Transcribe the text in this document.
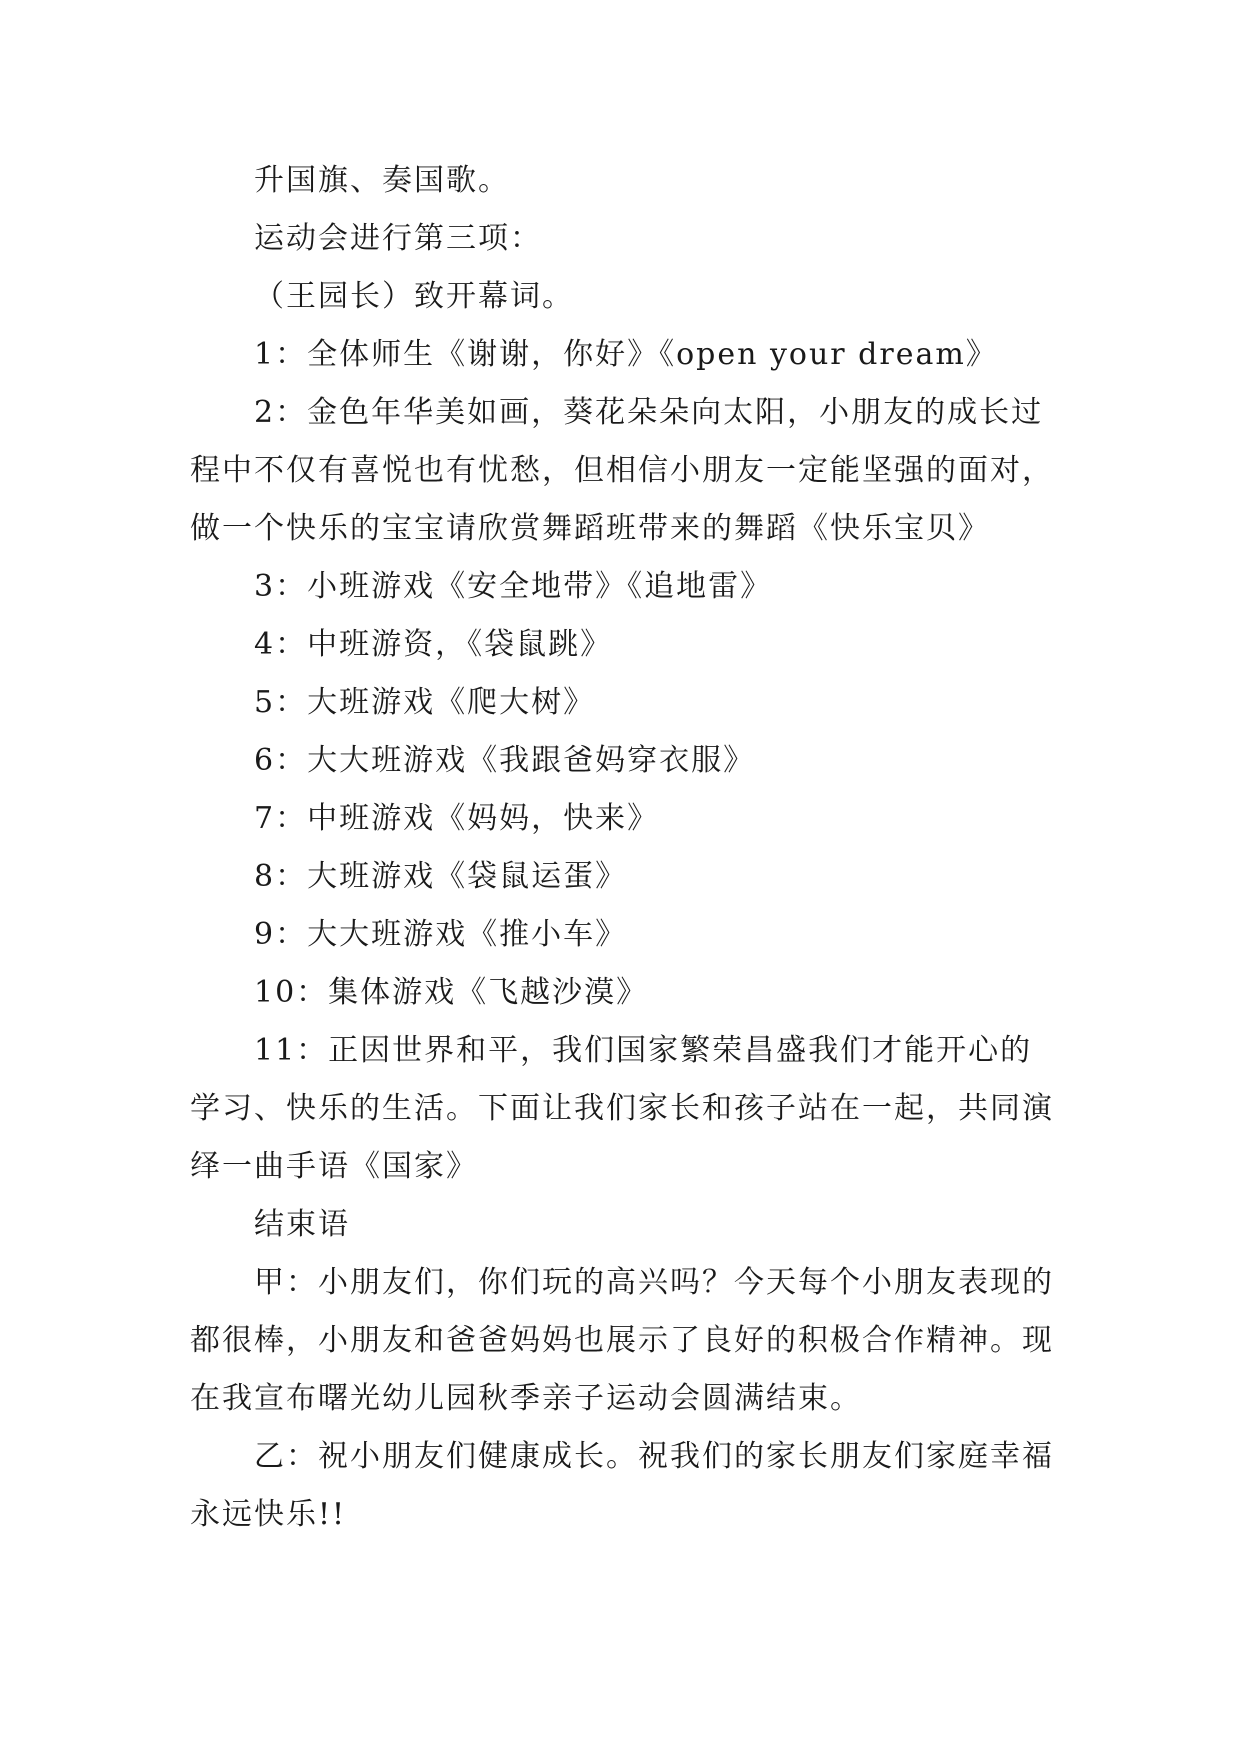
升国旗、奏国歌。

运动会进行第三项：

（王园长）致开幕词。

1：全体师生《谢谢，你好》《open your dream》

2：金色年华美如画，葵花朵朵向太阳，小朋友的成长过程中不仅有喜悦也有忧愁，但相信小朋友一定能坚强的面对，做一个快乐的宝宝请欣赏舞蹈班带来的舞蹈《快乐宝贝》

3：小班游戏《安全地带》《追地雷》

4：中班游资，《袋鼠跳》

5：大班游戏《爬大树》

6：大大班游戏《我跟爸妈穿衣服》

7：中班游戏《妈妈，快来》

8：大班游戏《袋鼠运蛋》

9：大大班游戏《推小车》

10：集体游戏《飞越沙漠》

11：正因世界和平，我们国家繁荣昌盛我们才能开心的学习、快乐的生活。下面让我们家长和孩子站在一起，共同演绎一曲手语《国家》

结束语

甲：小朋友们，你们玩的高兴吗？今天每个小朋友表现的都很棒，小朋友和爸爸妈妈也展示了良好的积极合作精神。现在我宣布曙光幼儿园秋季亲子运动会圆满结束。

乙：祝小朋友们健康成长。祝我们的家长朋友们家庭幸福永远快乐!!
